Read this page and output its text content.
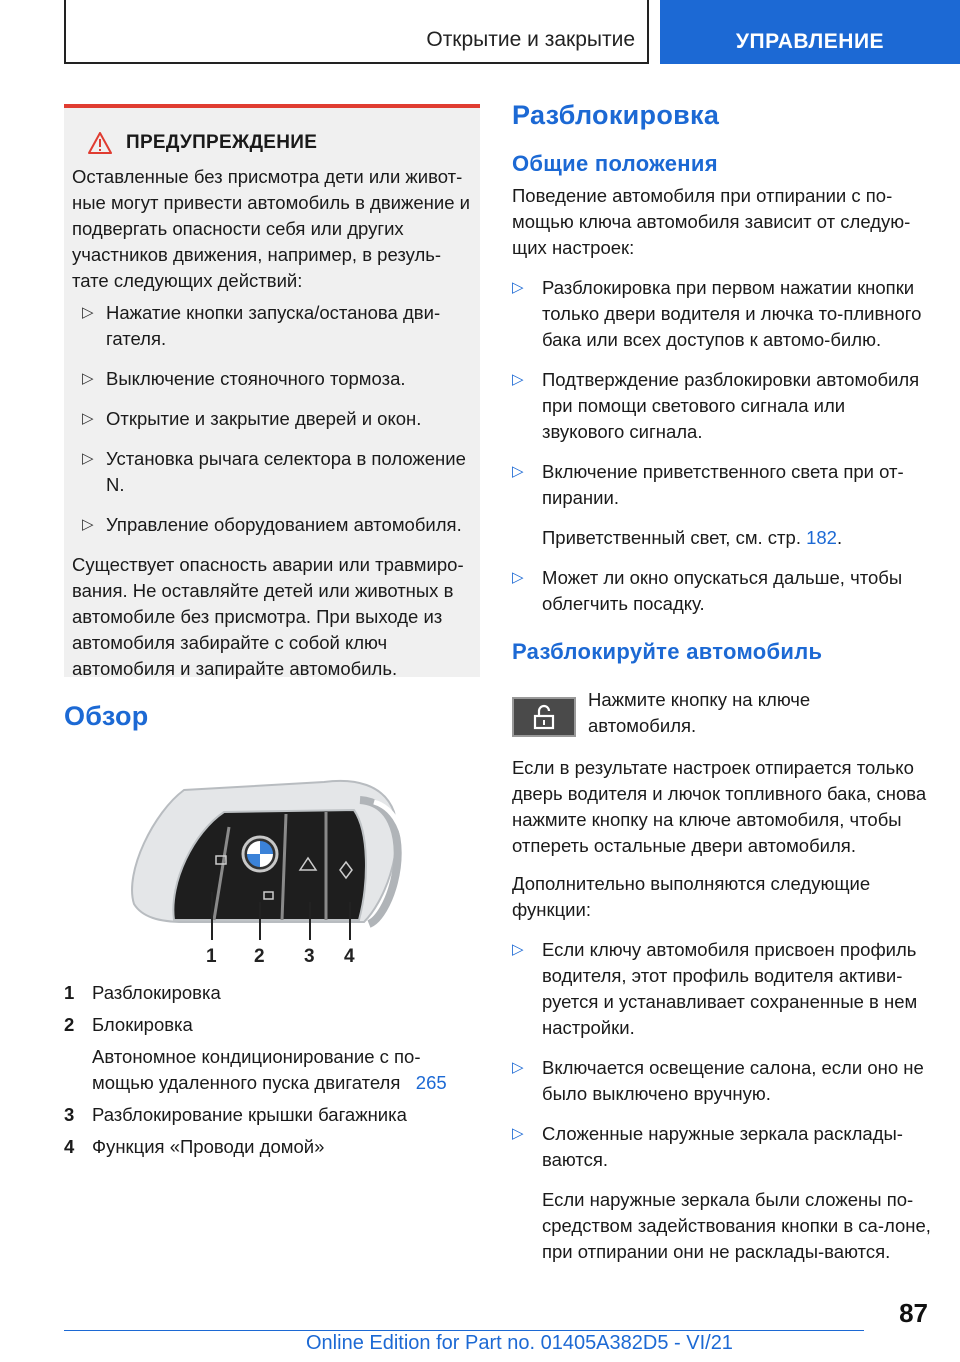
Открытие и закрытие	УПРАВЛЕНИЕ
ПРЕДУПРЕЖДЕНИЕ

Оставленные без присмотра дети или живот-ные могут привести автомобиль в движение и подвергать опасности себя или других участников движения, например, в резуль-тате следующих действий:

▷ Нажатие кнопки запуска/останова дви-гателя.
▷ Выключение стояночного тормоза.
▷ Открытие и закрытие дверей и окон.
▷ Установка рычага селектора в положение N.
▷ Управление оборудованием автомобиля.

Существует опасность аварии или травмиро-вания. Не оставляйте детей или животных в автомобиле без присмотра. При выходе из автомобиля забирайте с собой ключ автомобиля и запирайте автомобиль.

Обзор
1 2 3 4
1 Разблокировка
2 Блокировка
Автономное кондиционирование с по-мощью удаленного пуска двигателя 265
3 Разблокирование крышки багажника
4 Функция «Проводи домой»
Разблокировка
Общие положения

Поведение автомобиля при отпирании с по-мощью ключа автомобиля зависит от следую-щих настроек:

▷ Разблокировка при первом нажатии кнопки только двери водителя и лючка то-пливного бака или всех доступов к автомо-билю.
▷ Подтверждение разблокировки автомобиля при помощи светового сигнала или звукового сигнала.
▷ Включение приветственного света при от-пирании.
Приветственный свет, см. стр. 182.
▷ Может ли окно опускаться дальше, чтобы облегчить посадку.
Разблокируйте автомобиль

Нажмите кнопку на ключе автомобиля.

Если в результате настроек отпирается только дверь водителя и лючок топливного бака, снова нажмите кнопку на ключе автомобиля, чтобы отпереть остальные двери автомобиля.

Дополнительно выполняются следующие функции:

▷ Если ключу автомобиля присвоен профиль водителя, этот профиль водителя активи-руется и устанавливает сохраненные в нем настройки.
▷ Включается освещение салона, если оно не было выключено вручную.
▷ Сложенные наружные зеркала расклады-ваются.
Если наружные зеркала были сложены по-средством задействования кнопки в са-лоне, при отпирании они не расклады-ваются.
87
Online Edition for Part no. 01405A382D5 - VI/21
